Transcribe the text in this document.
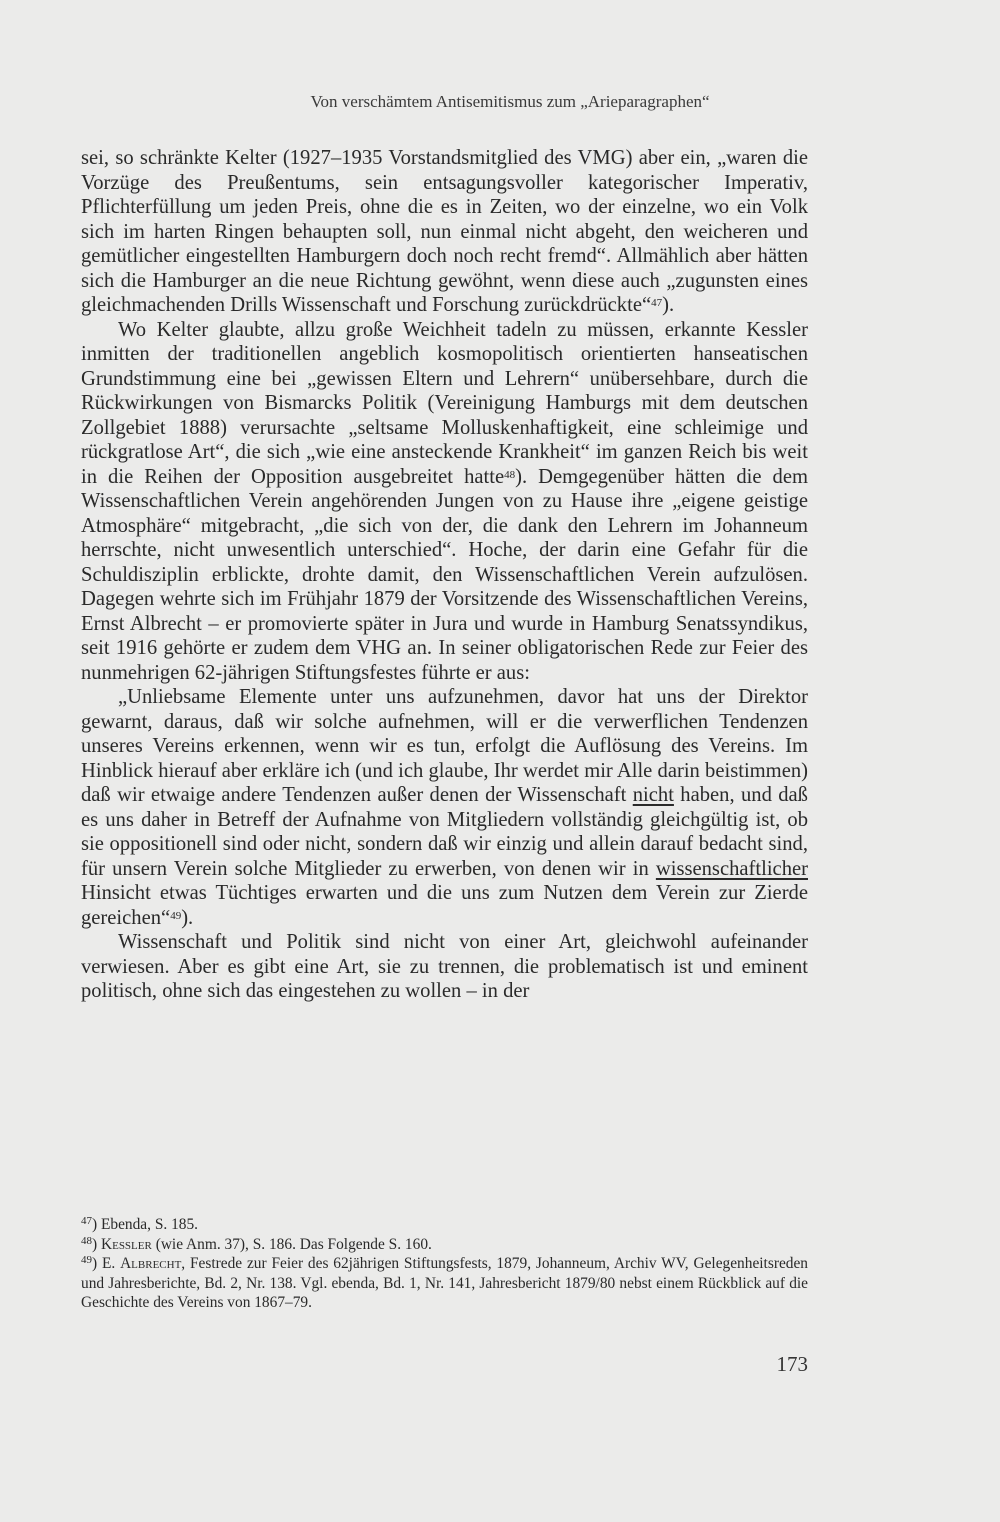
Von verschämtem Antisemitismus zum „Arieparagraphen“

sei, so schränkte Kelter (1927–1935 Vorstandsmitglied des VMG) aber ein, „waren die Vorzüge des Preußentums, sein entsagungsvoller kategorischer Imperativ, Pflichterfüllung um jeden Preis, ohne die es in Zeiten, wo der einzelne, wo ein Volk sich im harten Ringen behaupten soll, nun einmal nicht abgeht, den weicheren und gemütlicher eingestellten Hamburgern doch noch recht fremd“. Allmählich aber hätten sich die Hamburger an die neue Richtung gewöhnt, wenn diese auch „zugunsten eines gleichmachenden Drills Wissenschaft und Forschung zurückdrückte“$^{47}$).

Wo Kelter glaubte, allzu große Weichheit tadeln zu müssen, erkannte Kessler inmitten der traditionellen angeblich kosmopolitisch orientierten hanseatischen Grundstimmung eine bei „gewissen Eltern und Lehrern“ unübersehbare, durch die Rückwirkungen von Bismarcks Politik (Vereinigung Hamburgs mit dem deutschen Zollgebiet 1888) verursachte „seltsame Molluskenhaftigkeit, eine schleimige und rückgratlose Art“, die sich „wie eine ansteckende Krankheit“ im ganzen Reich bis weit in die Reihen der Opposition ausgebreitet hatte$^{48}$). Demgegenüber hätten die dem Wissenschaftlichen Verein angehörenden Jungen von zu Hause ihre „eigene geistige Atmosphäre“ mitgebracht, „die sich von der, die dank den Lehrern im Johanneum herrschte, nicht unwesentlich unterschied“. Hoche, der darin eine Gefahr für die Schuldisziplin erblickte, drohte damit, den Wissenschaftlichen Verein aufzulösen. Dagegen wehrte sich im Frühjahr 1879 der Vorsitzende des Wissenschaftlichen Vereins, Ernst Albrecht – er promovierte später in Jura und wurde in Hamburg Senatssyndikus, seit 1916 gehörte er zudem dem VHG an. In seiner obligatorischen Rede zur Feier des nunmehrigen 62-jährigen Stiftungsfestes führte er aus:

„Unliebsame Elemente unter uns aufzunehmen, davor hat uns der Direktor gewarnt, daraus, daß wir solche aufnehmen, will er die verwerflichen Tendenzen unseres Vereins erkennen, wenn wir es tun, erfolgt die Auflösung des Vereins. Im Hinblick hierauf aber erkläre ich (und ich glaube, Ihr werdet mir Alle darin beistimmen) daß wir etwaige andere Tendenzen außer denen der Wissenschaft nicht haben, und daß es uns daher in Betreff der Aufnahme von Mitgliedern vollständig gleichgültig ist, ob sie oppositionell sind oder nicht, sondern daß wir einzig und allein darauf bedacht sind, für unsern Verein solche Mitglieder zu erwerben, von denen wir in wissenschaftlicher Hinsicht etwas Tüchtiges erwarten und die uns zum Nutzen dem Verein zur Zierde gereichen“$^{49}$).

Wissenschaft und Politik sind nicht von einer Art, gleichwohl aufeinander verwiesen. Aber es gibt eine Art, sie zu trennen, die problematisch ist und eminent politisch, ohne sich das eingestehen zu wollen – in der

$^{47}$) Ebenda, S. 185.

$^{48}$) Kessler (wie Anm. 37), S. 186. Das Folgende S. 160.

$^{49}$) E. Albrecht, Festrede zur Feier des 62jährigen Stiftungsfests, 1879, Johanneum, Archiv WV, Gelegenheitsreden und Jahresberichte, Bd. 2, Nr. 138. Vgl. ebenda, Bd. 1, Nr. 141, Jahresbericht 1879/80 nebst einem Rückblick auf die Geschichte des Vereins von 1867–79.

173
